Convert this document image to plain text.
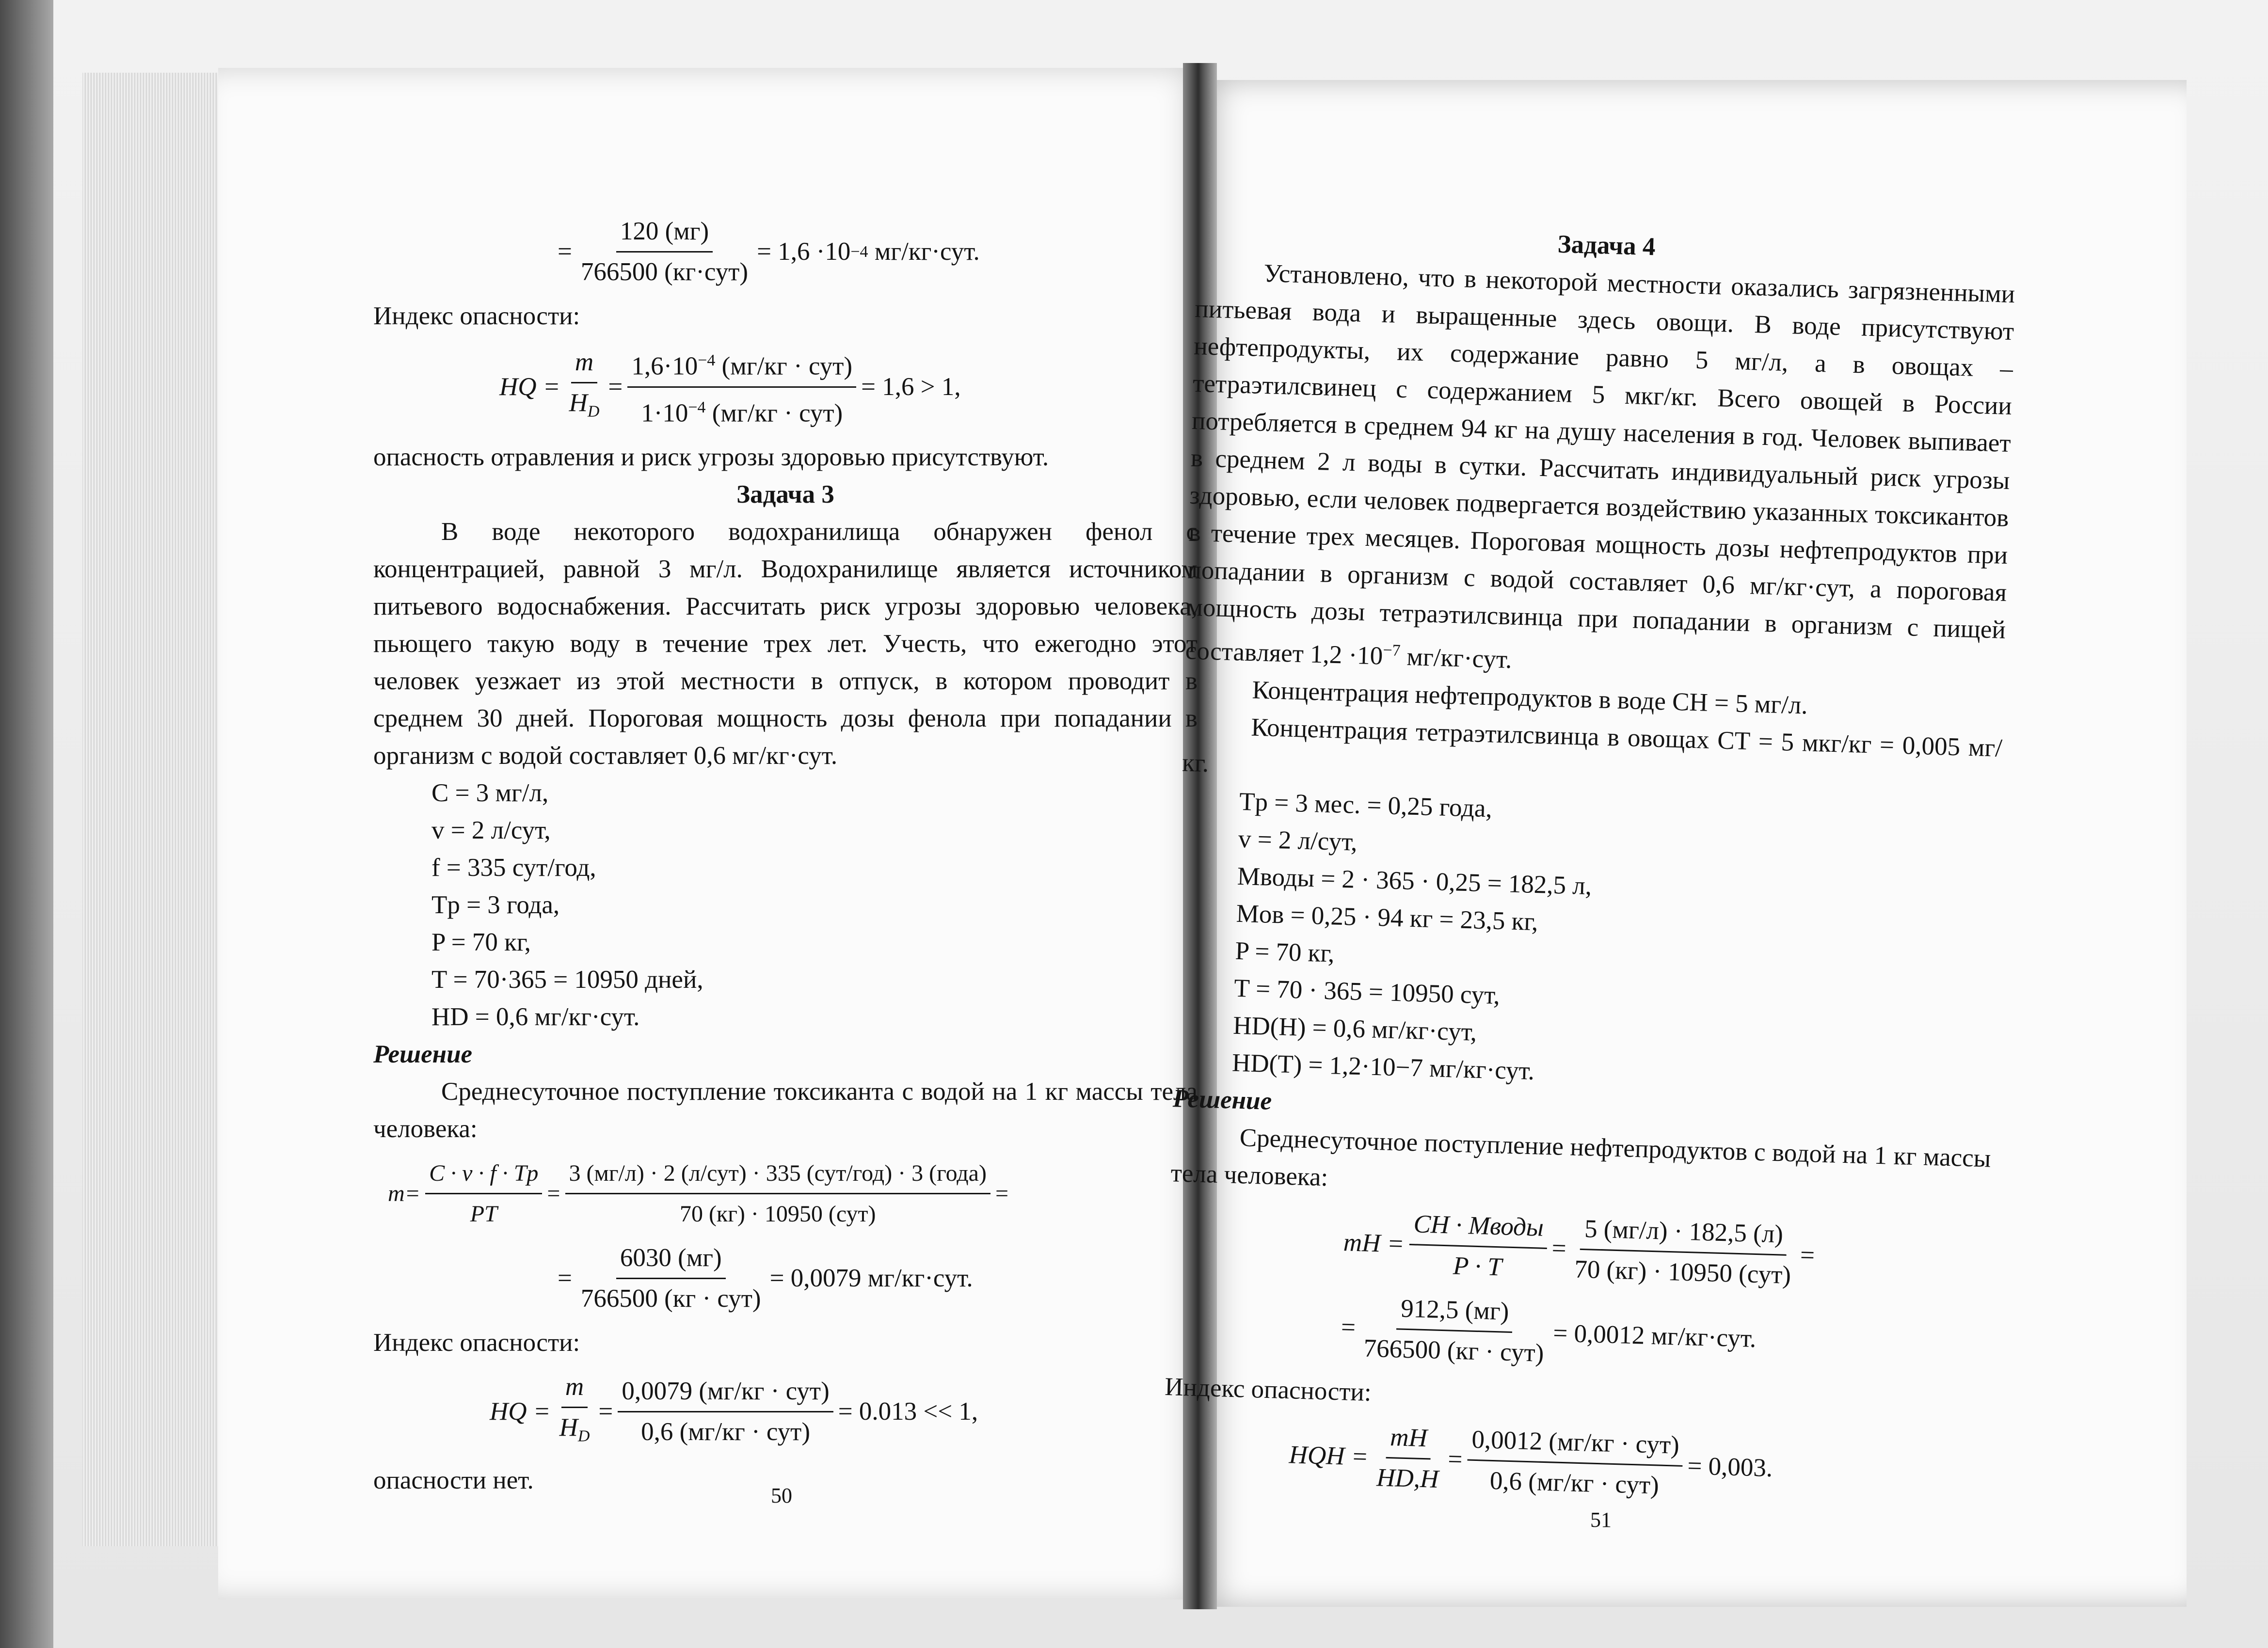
= $\frac{120 (мг)}{\text{766500 (кг·сут)}} = 1,6 \cdot 10 -4$
мг/кг·сут.

Индекс опасности:

HQ = $\frac{m}{H_D} = \frac{1,6\cdot 10^{-4} (мг/кг \cdot сут)}{1\cdot 10^{-4} (мг/кг \cdot сут)} = 1,6 > 1$,

опасность отравления и риск угрозы здоровью присутствуют.

Задача 3

В воде некоторого водохранилища обнаружен фенол с концентрацией, равной 3 мг/л. Водохранилище является источником питьевого водоснабжения. Рассчитать риск угрозы здоровью человека, пьющего такую воду в течение трех лет. Учесть, что ежегодно этот человек уезжает из этой местности в отпуск, в котором проводит в среднем 30 дней. Пороговая мощность дозы фенола при попадании в организм с водой составляет 0,6 мг/кг·сут.

C = 3 мг/л,
v = 2 л/сут,
f = 335 сут/год,
Tр = 3 года,
P = 70 кг,
T = 70·365 = 10950 дней,
HD = 0,6 мг/кг·сут.

Решение

Среднесуточное поступление токсиканта с водой на 1 кг массы тела человека:

$m= \frac{C \cdot v \cdot f \cdot Tр}{PT} = \frac{\text{3 (мг/л) · 2 (л/сут) · 335 (сут/год) · 3 (года)}}{\text{70 (кг) · 10950 (сут)}}$ =
= $\frac{6030 (мг)}{\text{766500 (кг · сут)}} = 0,0079$ мг/кг·сут.

Индекс опасности:

HQ = $\frac{m}{H_D} = \frac{\text{0,0079 (мг/кг · сут)}}{\text{0,6 (мг/кг · сут)}} = 0.013 << 1$,

опасности нет.

50

Задача 4

Установлено, что в некоторой местности оказались загрязненными питьевая вода и выращенные здесь овощи. В воде присутствуют нефтепродукты, их содержание равно 5 мг/л, а в овощах – тетраэтилсвинец с содержанием 5 мкг/кг. Всего овощей в России потребляется в среднем 94 кг на душу населения в год. Человек выпивает в среднем 2 л воды в сутки. Рассчитать индивидуальный риск угрозы здоровью, если человек подвергается воздействию указанных токсикантов в течение трех месяцев. Пороговая мощность дозы нефтепродуктов при попадании в организм с водой составляет 0,6 мг/кг·сут, а пороговая мощность дозы тетраэтилсвинца при попадании в организм с пищей составляет $1,2 \cdot 10^{-7}$ мг/кг·сут.

Концентрация нефтепродуктов в воде CН = 5 мг/л.

Концентрация тетраэтилсвинца в овощах CТ = 5 мкг/кг = 0,005 мг/кг.

Tр = 3 мес. = 0,25 года,
v = 2 л/сут,
Mводы = 2 · 365 · 0,25 = 182,5 л,
Mов = 0,25 · 94 кг = 23,5 кг,
P = 70 кг,
T = 70 · 365 = 10950 сут,
HD(Н) = 0,6 мг/кг·сут,
HD(Т) = 1,2·10−7 мг/кг·сут.

Решение

Среднесуточное поступление нефтепродуктов с водой на 1 кг массы тела человека:

mН = $\frac{\text{CН · Mводы}}{P \cdot T} = \frac{5 (мг/л) \cdot 182,5 (л)}{\text{70 (кг) · 10950 (сут)}}$ =
= $\frac{912,5 (мг)}{\text{766500 (кг · сут)}} = 0,0012$ мг/кг·сут.

Индекс опасности:

HQН = $\frac{mН}{HD,Н} = \frac{\text{0,0012 (мг/кг · сут)}}{\text{0,6 (мг/кг · сут)}} = 0,003$.
51
